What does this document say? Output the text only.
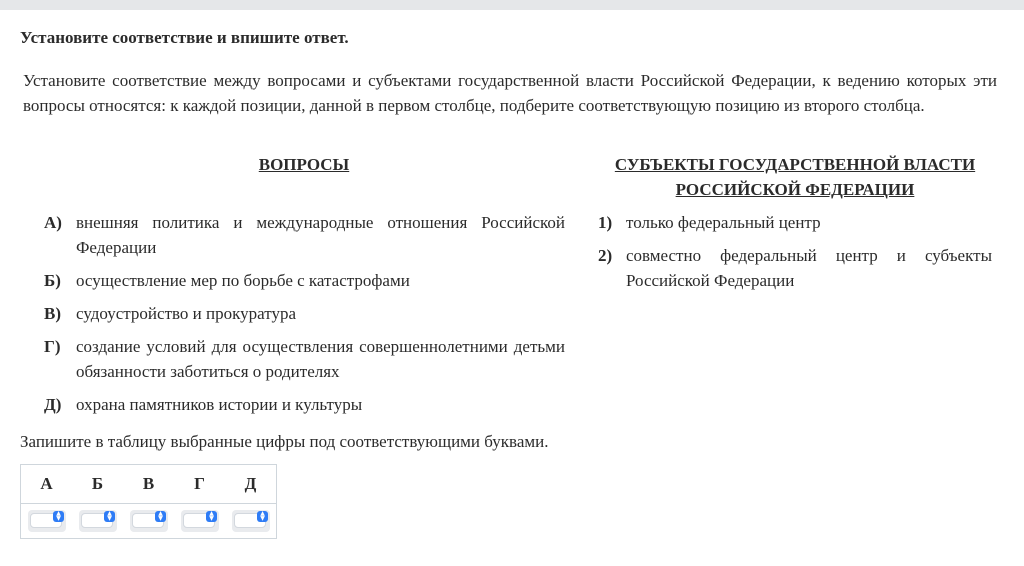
Установите соответствие и впишите ответ.
Установите соответствие между вопросами и субъектами государственной власти Российской Федерации, к ведению которых эти вопросы относятся: к каждой позиции, данной в первом столбце, подберите соответствующую позицию из второго столбца.
ВОПРОСЫ	СУБЪЕКТЫ ГОСУДАРСТВЕННОЙ ВЛАСТИ РОССИЙСКОЙ ФЕДЕРАЦИИ
А) внешняя политика и международные отношения Российской Федерации
Б) осуществление мер по борьбе с катастрофами
В) судоустройство и прокуратура
Г) создание условий для осуществления совершеннолетними детьми обязанности заботиться о родителях
Д) охрана памятников истории и культуры
1) только федеральный центр
2) совместно федеральный центр и субъекты Российской Федерации
Запишите в таблицу выбранные цифры под соответствующими буквами.
А	Б	В	Г	Д
▲
▼
▲
▼
▲
▼
▲
▼
▲
▼
